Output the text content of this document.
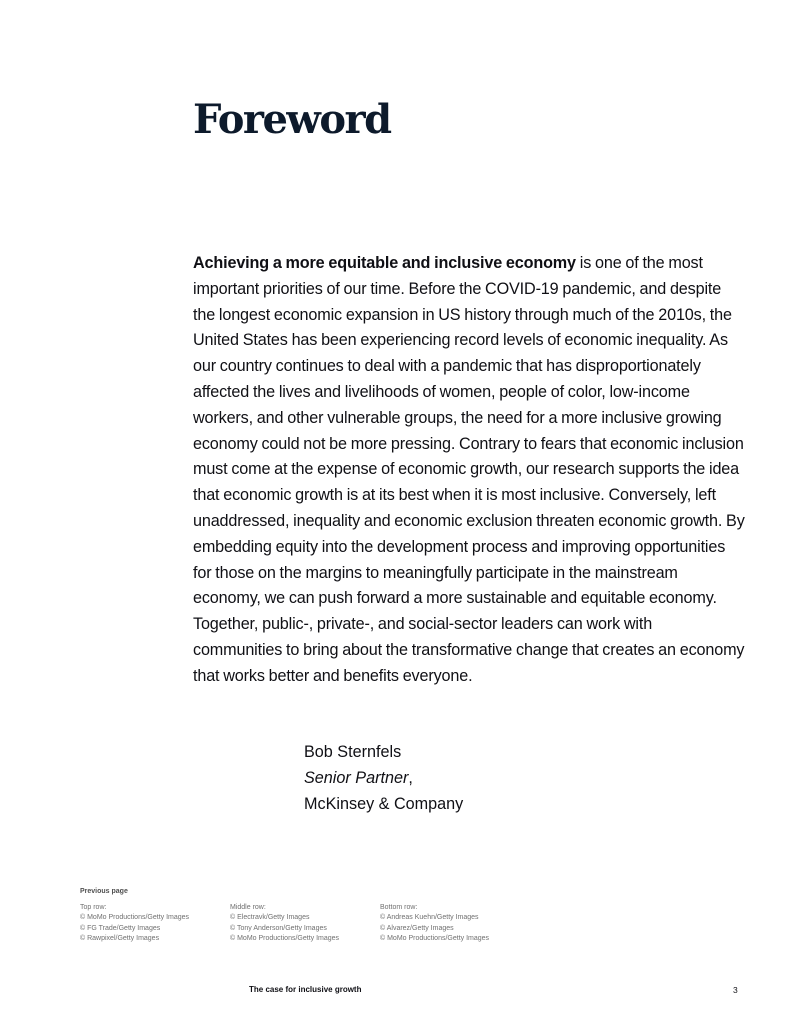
Foreword

Achieving a more equitable and inclusive economy is one of the most important priorities of our time. Before the COVID-19 pandemic, and despite the longest economic expansion in US history through much of the 2010s, the United States has been experiencing record levels of economic inequality. As our country continues to deal with a pandemic that has disproportionately affected the lives and livelihoods of women, people of color, low-income workers, and other vulnerable groups, the need for a more inclusive growing economy could not be more pressing. Contrary to fears that economic inclusion must come at the expense of economic growth, our research supports the idea that economic growth is at its best when it is most inclusive. Conversely, left unaddressed, inequality and economic exclusion threaten economic growth. By embedding equity into the development process and improving opportunities for those on the margins to meaningfully participate in the mainstream economy, we can push forward a more sustainable and equitable economy. Together, public-, private-, and social-sector leaders can work with communities to bring about the transformative change that creates an economy that works better and benefits everyone.

Bob Sternfels
Senior Partner,
McKinsey & Company
Previous page
Top row:
© MoMo Productions/Getty Images
© FG Trade/Getty Images
© Rawpixel/Getty Images
Middle row:
© Electravk/Getty Images
© Tony Anderson/Getty Images
© MoMo Productions/Getty Images
Bottom row:
© Andreas Kuehn/Getty Images
© Alvarez/Getty Images
© MoMo Productions/Getty Images
The case for inclusive growth	3
